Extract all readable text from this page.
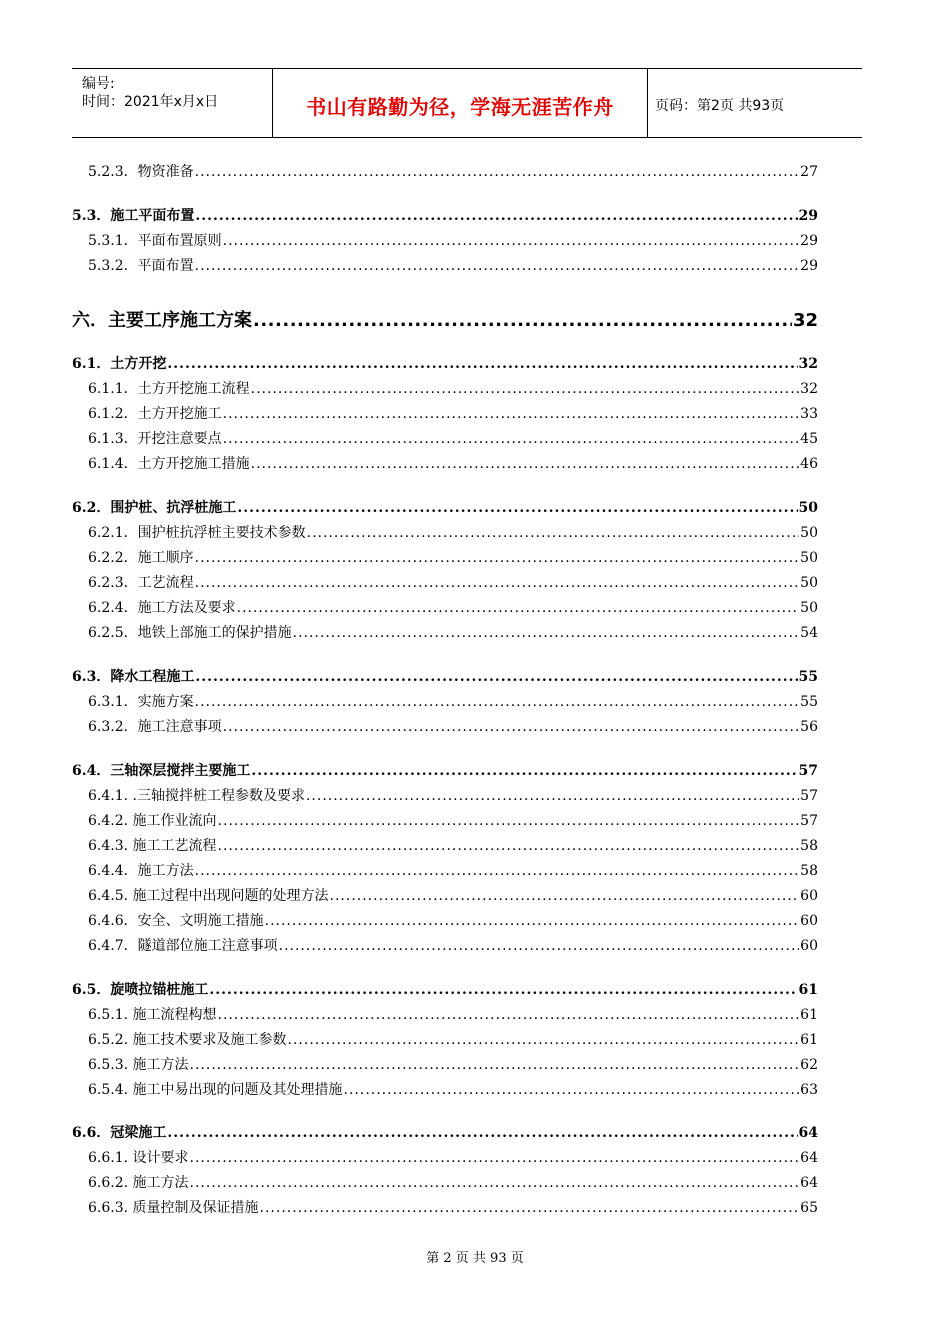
编号:
时间：2021年x月x日	书山有路勤为径，学海无涯苦作舟	页码：第2页 共93页
5.2.3．物资准备 .....	27
5.3．施工平面布置 .....	29
5.3.1．平面布置原则 .....	29
5.3.2．平面布置 .....	29
六．主要工序施工方案 .....	32
6.1．土方开挖 .....	32
6.1.1．土方开挖施工流程 .....	32
6.1.2．土方开挖施工 .....	33
6.1.3．开挖注意要点 .....	45
6.1.4．土方开挖施工措施 .....	46
6.2．围护桩、抗浮桩施工 .....	50
6.2.1．围护桩抗浮桩主要技术参数 .....	50
6.2.2．施工顺序 .....	50
6.2.3．工艺流程 .....	50
6.2.4．施工方法及要求 .....	50
6.2.5．地铁上部施工的保护措施 .....	54
6.3．降水工程施工 .....	55
6.3.1．实施方案 .....	55
6.3.2．施工注意事项 .....	56
6.4．三轴深层搅拌主要施工 .....	57
6.4.1. .三轴搅拌桩工程参数及要求 .....	57
6.4.2. 施工作业流向 .....	57
6.4.3. 施工工艺流程 .....	58
6.4.4．施工方法 .....	58
6.4.5. 施工过程中出现问题的处理方法 .....	60
6.4.6．安全、文明施工措施 .....	60
6.4.7．隧道部位施工注意事项 .....	60
6.5．旋喷拉锚桩施工 .....	61
6.5.1. 施工流程构想 .....	61
6.5.2. 施工技术要求及施工参数 .....	61
6.5.3. 施工方法 .....	62
6.5.4. 施工中易出现的问题及其处理措施 .....	63
6.6．冠梁施工 .....	64
6.6.1. 设计要求 .....	64
6.6.2. 施工方法 .....	64
6.6.3. 质量控制及保证措施 .....	65
第 2 页 共 93 页
